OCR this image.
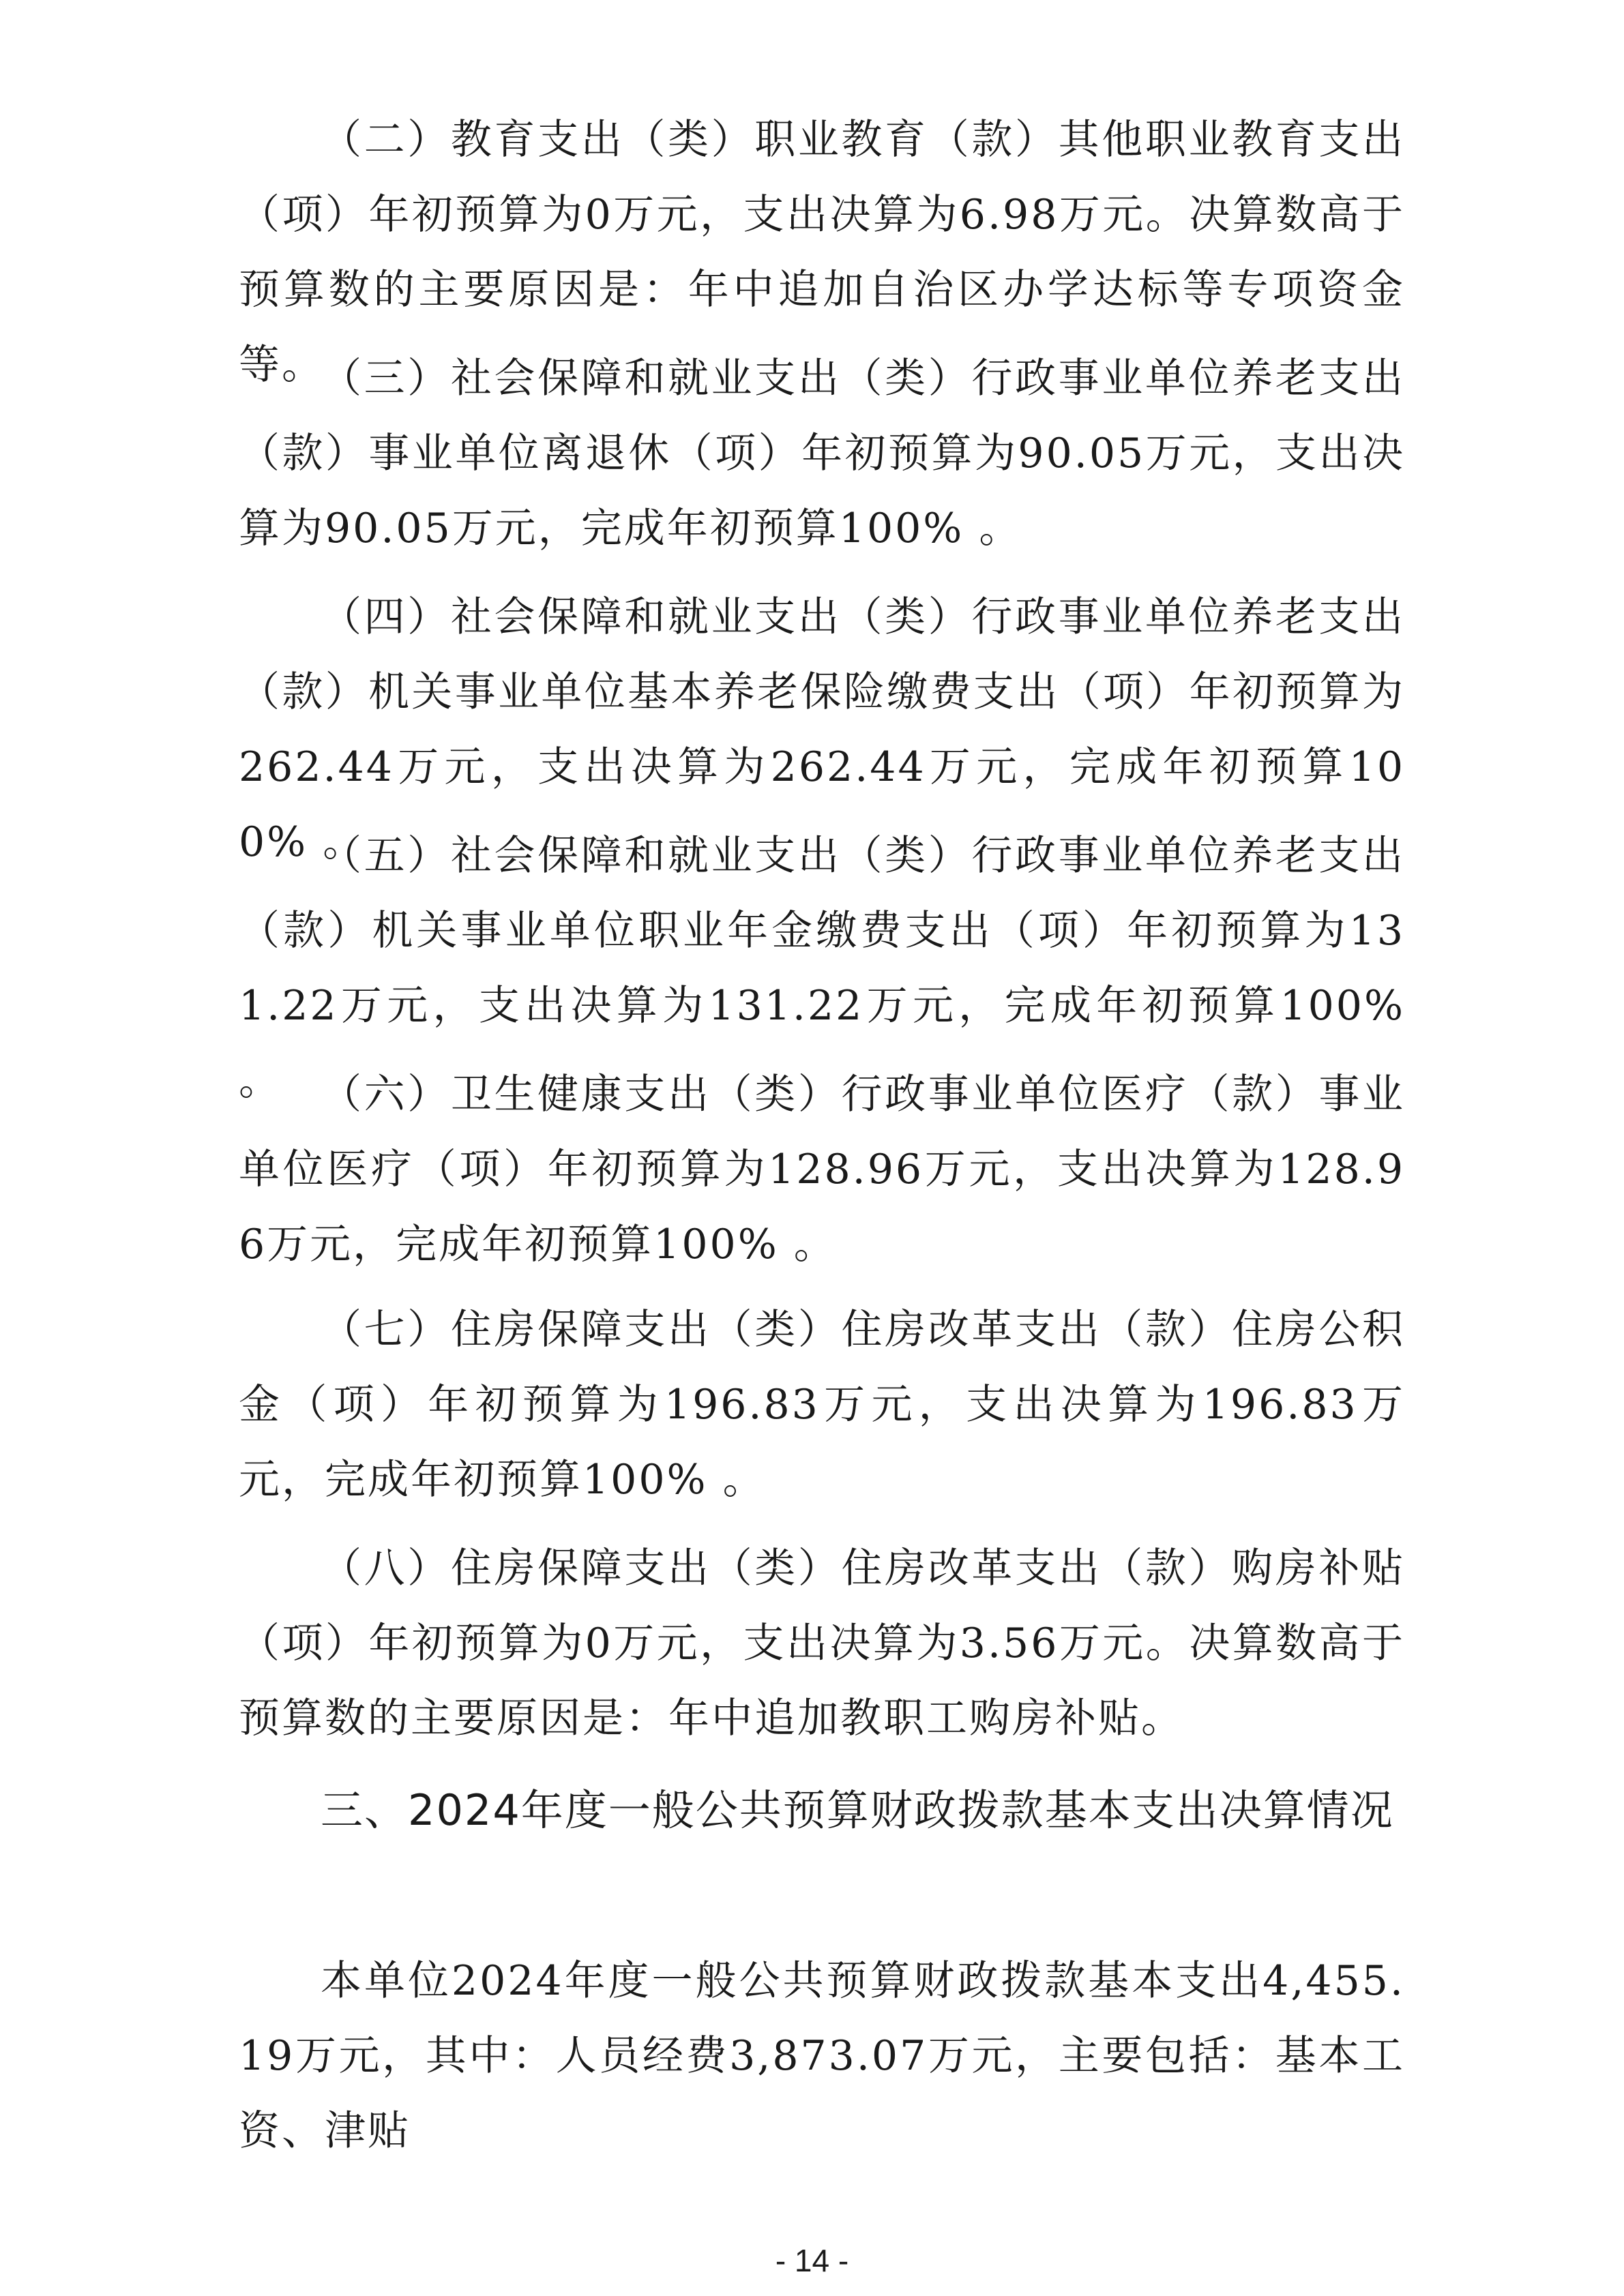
（二）教育支出（类）职业教育（款）其他职业教育支出（项）年初预算为0万元，支出决算为6.98万元。决算数高于预算数的主要原因是：年中追加自治区办学达标等专项资金等。

（三）社会保障和就业支出（类）行政事业单位养老支出（款）事业单位离退休（项）年初预算为90.05万元，支出决算为90.05万元，完成年初预算100% 。

（四）社会保障和就业支出（类）行政事业单位养老支出（款）机关事业单位基本养老保险缴费支出（项）年初预算为262.44万元，支出决算为262.44万元，完成年初预算100% 。

（五）社会保障和就业支出（类）行政事业单位养老支出（款）机关事业单位职业年金缴费支出（项）年初预算为131.22万元，支出决算为131.22万元，完成年初预算100% 。 （六）卫生健康支出（类）行政事业单位医疗（款）事业单位医疗（项）年初预算为128.96万元，支出决算为128.96万元，完成年初预算100% 。

（七）住房保障支出（类）住房改革支出（款）住房公积金（项）年初预算为196.83万元，支出决算为196.83万元，完成年初预算100% 。

（八）住房保障支出（类）住房改革支出（款）购房补贴（项）年初预算为0万元，支出决算为3.56万元。决算数高于预算数的主要原因是：年中追加教职工购房补贴。

三、2024年度一般公共预算财政拨款基本支出决算情况

本单位2024年度一般公共预算财政拨款基本支出4,455.19万元，其中：人员经费3,873.07万元，主要包括：基本工资、津贴

- 14 -
